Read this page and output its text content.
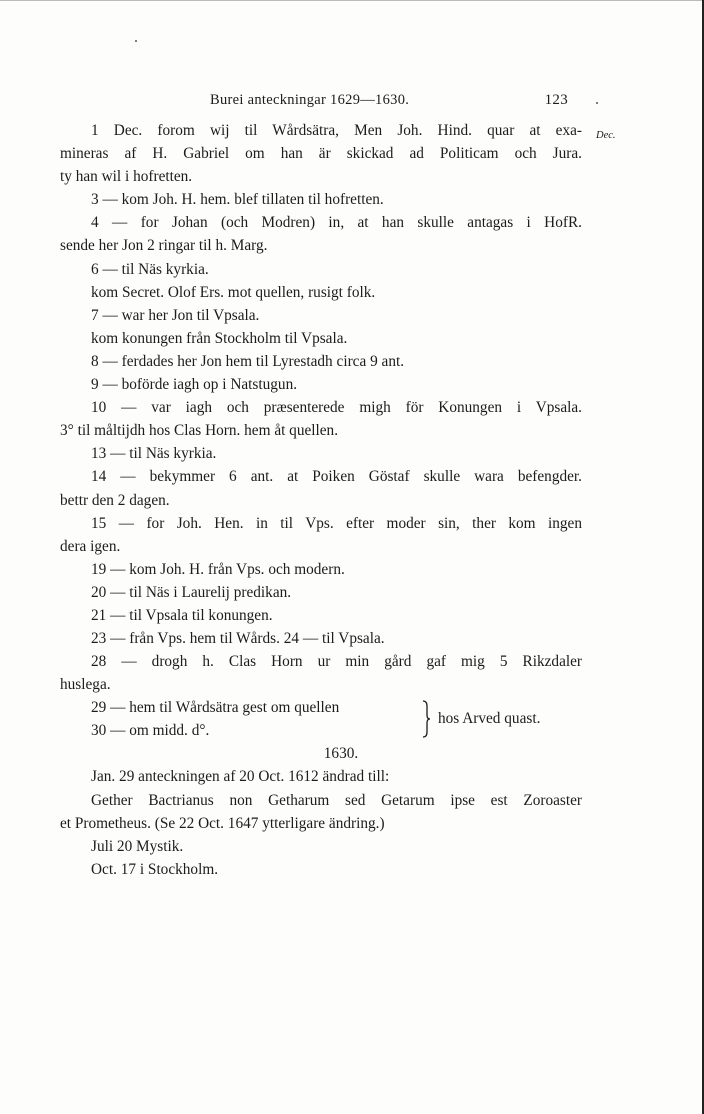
Burei anteckningar 1629—1630.	123
Dec.
1 Dec. forom wij til Wårdsätra, Men Joh. Hind. quar at exa-
mineras af H. Gabriel om han är skickad ad Politicam och Jura.
ty han wil i hofretten.
3 — kom Joh. H. hem. blef tillaten til hofretten.
4 — for Johan (och Modren) in, at han skulle antagas i HofR.
sende her Jon 2 ringar til h. Marg.
6 — til Näs kyrkia.
kom Secret. Olof Ers. mot quellen, rusigt folk.
7 — war her Jon til Vpsala.
kom konungen från Stockholm til Vpsala.
8 — ferdades her Jon hem til Lyrestadh circa 9 ant.
9 — boförde iagh op i Natstugun.
10 — var iagh och præsenterede migh för Konungen i Vpsala.
3° til måltijdh hos Clas Horn. hem åt quellen.
13 — til Näs kyrkia.
14 — bekymmer 6 ant. at Poiken Göstaf skulle wara befengder.
bettr den 2 dagen.
15 — for Joh. Hen. in til Vps. efter moder sin, ther kom ingen
dera igen.
19 — kom Joh. H. från Vps. och modern.
20 — til Näs i Laurelij predikan.
21 — til Vpsala til konungen.
23 — från Vps. hem til Wårds. 24 — til Vpsala.
28 — drogh h. Clas Horn ur min gård gaf mig 5 Rikzdaler
huslega.
29 — hem til Wårdsätra gest om quellen
30 — om midd. d°.
hos Arved quast.
1630.
Jan. 29 anteckningen af 20 Oct. 1612 ändrad till:
Gether Bactrianus non Getharum sed Getarum ipse est Zoroaster
et Prometheus. (Se 22 Oct. 1647 ytterligare ändring.)
Juli 20 Mystik.
Oct. 17 i Stockholm.
